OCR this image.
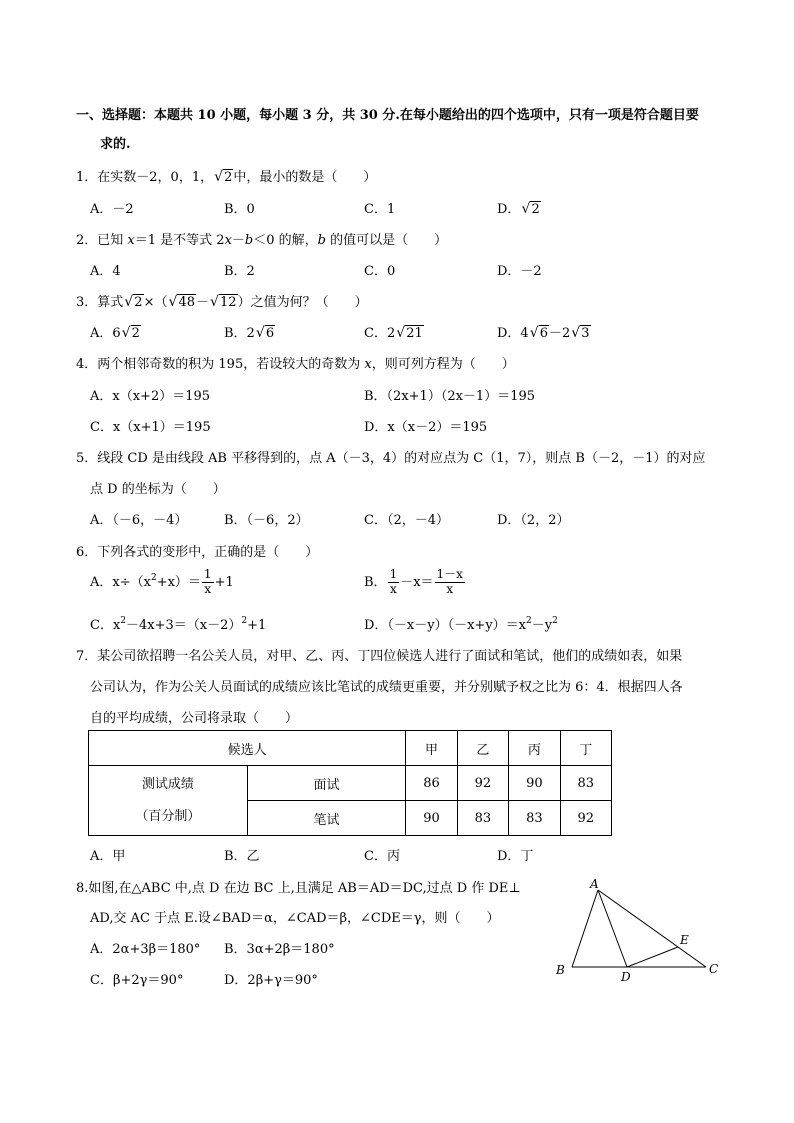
一、选择题：本题共 10 小题，每小题 3 分，共 30 分.在每小题给出的四个选项中，只有一项是符合题目要
求的.
1．在实数－2，0，1， √ 2中，最小的数是（　　）
A．－2	B．0	C．1	D． √ 2
2．已知 x＝1 是不等式 2x－b＜0 的解，b 的值可以是（　　）
A．4	B．2	C．0	D．－2
3．算式 √ 2×（ √ 48－ √ 12）之值为何？（　　）
A．6 √ 2	B．2 √ 6	C．2 √ 21	D．4 √ 6－2 √ 3
4．两个相邻奇数的积为 195，若设较大的奇数为 x，则可列方程为（　　）
A．x（x+2）＝195	B．（2x+1）（2x－1）＝195
C．x（x+1）＝195	D．x（x－2）＝195
5．线段 CD 是由线段 AB 平移得到的，点 A（－3，4）的对应点为 C（1，7），则点 B（－2，－1）的对应
点 D 的坐标为（　　）
A．（－6，－4）	B．（－6，2）	C．（2，－4）	D．（2，2）
6．下列各式的变形中，正确的是（　　）
A．$x\div(x^2+x)= \frac{1}{x} +1$	B． $\frac{1}{x} -x= \frac{1-x}{x}$
C．$x^2-4x+3=(x-2)^2+1$	D．$(-x-y)(-x+y)=x^2-y^2$
7．某公司欲招聘一名公关人员，对甲、乙、丙、丁四位候选人进行了面试和笔试，他们的成绩如表，如果
公司认为，作为公关人员面试的成绩应该比笔试的成绩更重要，并分别赋予权之比为 6：4．根据四人各
自的平均成绩，公司将录取（　　）
候选人		甲	乙	丙	丁

测试成绩
（百分制）	面试	86	92	90	83
	笔试	90	83	83	92
A．甲	B．乙	C．丙	D．丁
8.如图,在△ABC 中,点 D 在边 BC 上,且满足 AB＝AD＝DC,过点 D 作 DE⊥
AD,交 AC 于点 E.设∠BAD＝α，∠CAD＝β，∠CDE＝γ，则（　　）
A．2α+3β＝180° B．3α+2β＝180°
C．β+2γ＝90°	D．2β+γ＝90°
A
B	C
D
E
